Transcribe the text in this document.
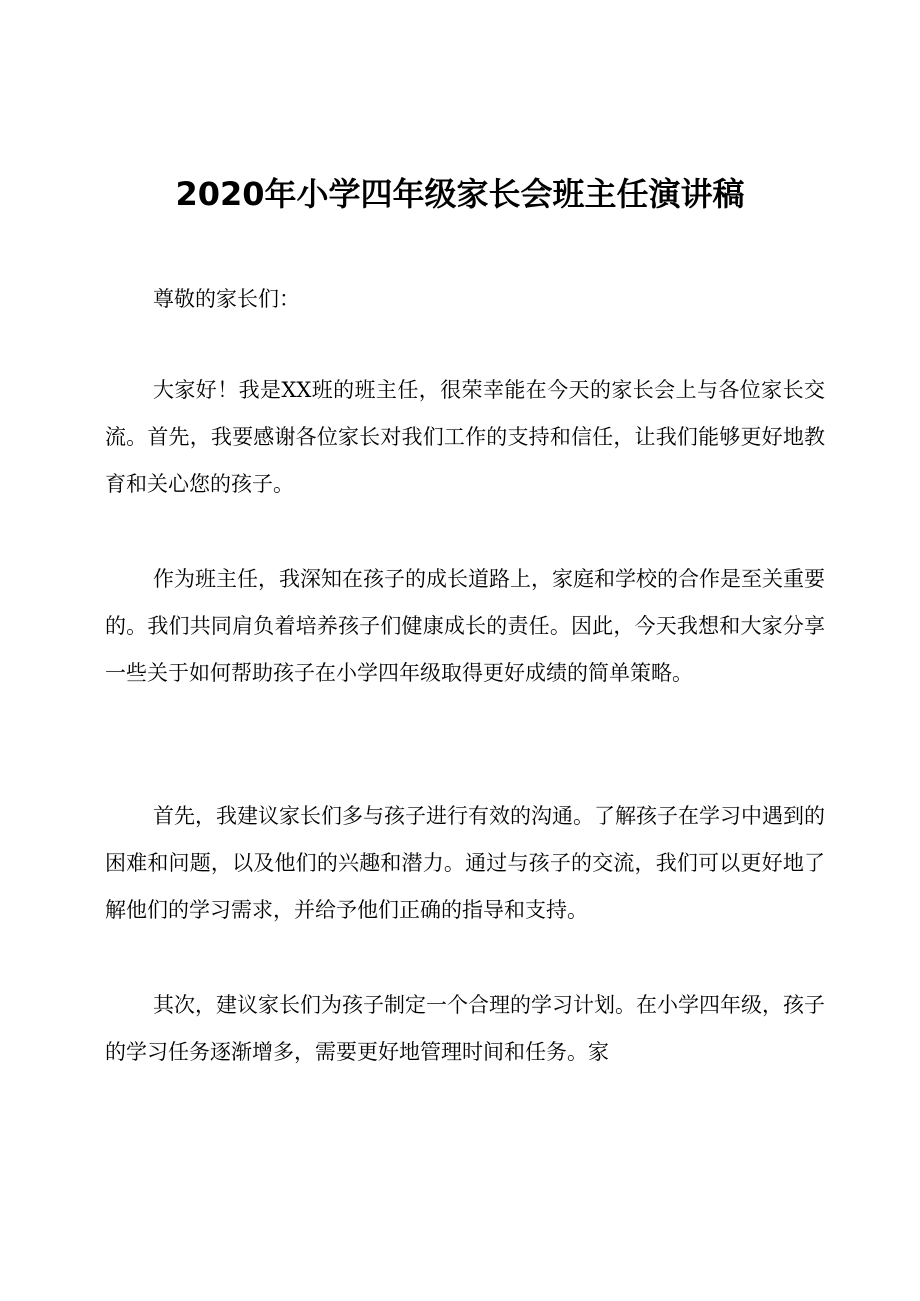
2020年小学四年级家长会班主任演讲稿
尊敬的家长们：

大家好！我是XX班的班主任，很荣幸能在今天的家长会上与各位家长交流。首先，我要感谢各位家长对我们工作的支持和信任，让我们能够更好地教育和关心您的孩子。

作为班主任，我深知在孩子的成长道路上，家庭和学校的合作是至关重要的。我们共同肩负着培养孩子们健康成长的责任。因此，今天我想和大家分享一些关于如何帮助孩子在小学四年级取得更好成绩的简单策略。

首先，我建议家长们多与孩子进行有效的沟通。了解孩子在学习中遇到的困难和问题，以及他们的兴趣和潜力。通过与孩子的交流，我们可以更好地了解他们的学习需求，并给予他们正确的指导和支持。

其次，建议家长们为孩子制定一个合理的学习计划。在小学四年级，孩子的学习任务逐渐增多，需要更好地管理时间和任务。家
